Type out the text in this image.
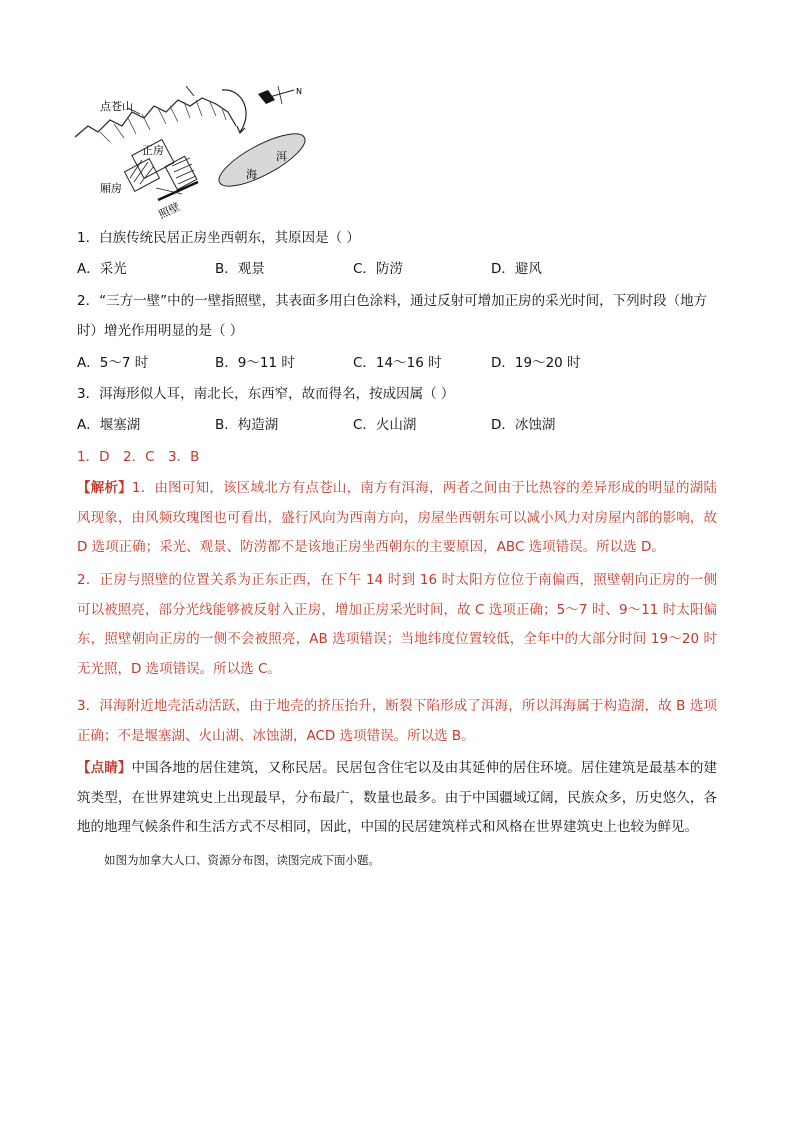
点苍山
N
正房
厢房
照壁
海
洱
1．白族传统民居正房坐西朝东，其原因是（ ）
A．采光	B．观景	C．防涝	D．避风
2．“三方一壁”中的一壁指照壁，其表面多用白色涂料，通过反射可增加正房的采光时间，下列时段（地方
时）增光作用明显的是（ ）
A．5～7 时	B．9～11 时	C．14～16 时	D．19～20 时
3．洱海形似人耳，南北长，东西窄，故而得名，按成因属（ ）
A．堰塞湖	B．构造湖	C．火山湖	D．冰蚀湖
1．D　2．C　3．B
【解析】1．由图可知，该区域北方有点苍山，南方有洱海，两者之间由于比热容的差异形成的明显的湖陆风现象，由风频玫瑰图也可看出，盛行风向为西南方向，房屋坐西朝东可以减小风力对房屋内部的影响，故 D 选项正确；采光、观景、防涝都不是该地正房坐西朝东的主要原因，ABC 选项错误。所以选 D。
2．正房与照壁的位置关系为正东正西，在下午 14 时到 16 时太阳方位位于南偏西，照壁朝向正房的一侧可以被照亮，部分光线能够被反射入正房，增加正房采光时间，故 C 选项正确；5～7 时、9～11 时太阳偏东，照壁朝向正房的一侧不会被照亮，AB 选项错误；当地纬度位置较低，全年中的大部分时间 19～20 时无光照，D 选项错误。所以选 C。
3．洱海附近地壳活动活跃，由于地壳的挤压抬升，断裂下陷形成了洱海，所以洱海属于构造湖，故 B 选项正确；不是堰塞湖、火山湖、冰蚀湖，ACD 选项错误。所以选 B。
【点睛】中国各地的居住建筑，又称民居。民居包含住宅以及由其延伸的居住环境。居住建筑是最基本的建筑类型，在世界建筑史上出现最早，分布最广，数量也最多。由于中国疆域辽阔，民族众多，历史悠久，各地的地理气候条件和生活方式不尽相同，因此，中国的民居建筑样式和风格在世界建筑史上也较为鲜见。
如图为加拿大人口、资源分布图，读图完成下面小题。
